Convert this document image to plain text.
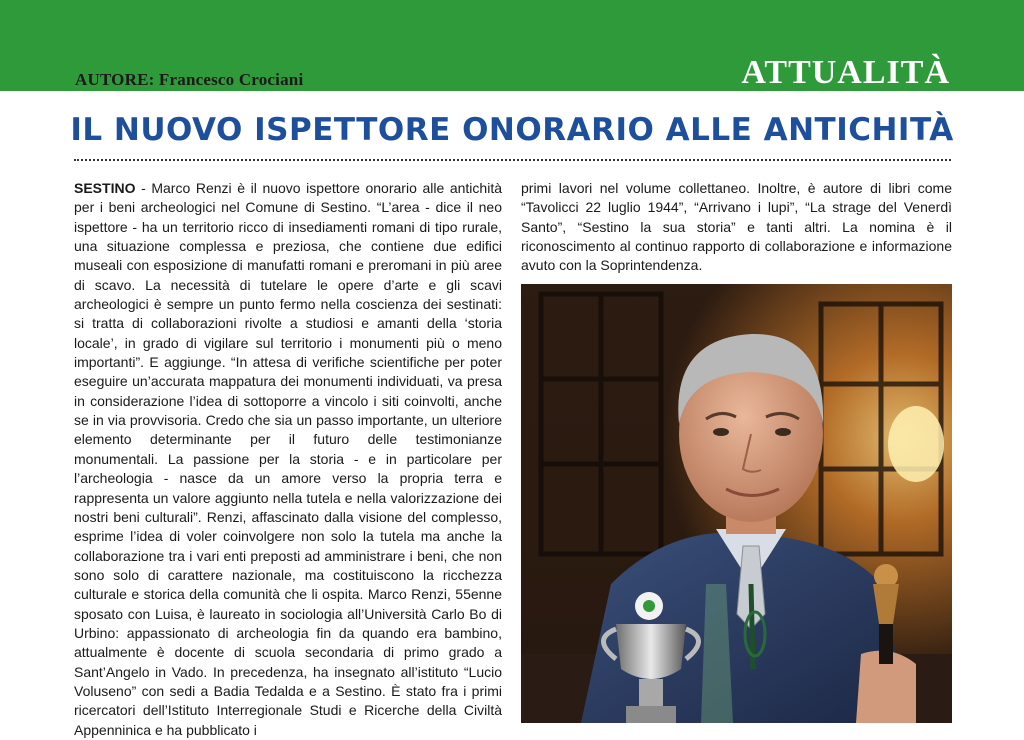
AUTORE: Francesco Crociani	ATTUALITÀ
IL NUOVO ISPETTORE ONORARIO ALLE ANTICHITÀ
SESTINO - Marco Renzi è il nuovo ispettore onorario alle antichità per i beni archeologici nel Comune di Sestino. “L’area - dice il neo ispettore - ha un territorio ricco di insediamenti romani di tipo rurale, una situazione complessa e preziosa, che contiene due edifici museali con esposizione di manufatti romani e preromani in più aree di scavo. La necessità di tutelare le opere d’arte e gli scavi archeologici è sempre un punto fermo nella coscienza dei sestinati: si tratta di collaborazioni rivolte a studiosi e amanti della ‘storia locale’, in grado di vigilare sul territorio i monumenti più o meno importanti”. E aggiunge. “In attesa di verifiche scientifiche per poter eseguire un’accurata mappatura dei monumenti individuati, va presa in considerazione l’idea di sottoporre a vincolo i siti coinvolti, anche se in via provvisoria. Credo che sia un passo importante, un ulteriore elemento determinante per il futuro delle testimonianze monumentali. La passione per la storia - e in particolare per l’archeologia - nasce da un amore verso la propria terra e rappresenta un valore aggiunto nella tutela e nella valorizzazione dei nostri beni culturali”. Renzi, affascinato dalla visione del complesso, esprime l’idea di voler coinvolgere non solo la tutela ma anche la collaborazione tra i vari enti preposti ad amministrare i beni, che non sono solo di carattere nazionale, ma costituiscono la ricchezza culturale e storica della comunità che li ospita. Marco Renzi, 55enne sposato con Luisa, è laureato in sociologia all’Università Carlo Bo di Urbino: appassionato di archeologia fin da quando era bambino, attualmente è docente di scuola secondaria di primo grado a Sant’Angelo in Vado. In precedenza, ha insegnato all’istituto “Lucio Voluseno” con sedi a Badia Tedalda e a Sestino. È stato fra i primi ricercatori dell’Istituto Interregionale Studi e Ricerche della Civiltà Appenninica e ha pubblicato i
primi lavori nel volume collettaneo. Inoltre, è autore di libri come “Tavolicci 22 luglio 1944”, “Arrivano i lupi”, “La strage del Venerdì Santo”, “Sestino la sua storia” e tanti altri. La nomina è il riconoscimento al continuo rapporto di collaborazione e informazione avuto con la Soprintendenza.
